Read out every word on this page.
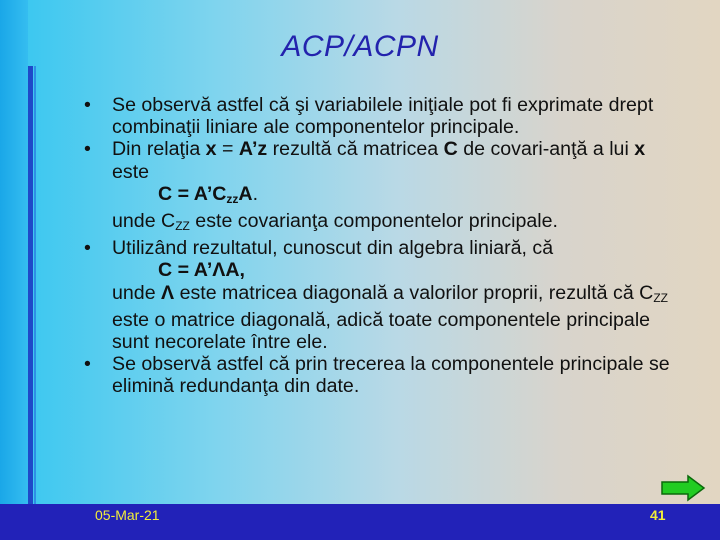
ACP/ACPN
• Se observă astfel că şi variabilele iniţiale pot fi exprimate drept combinaţii liniare ale componentelor principale.
• Din relaţia x = A’z rezultă că matricea C de covari-anţă a lui x este
$C = A’C_{zz}A$.
unde $C_{ZZ}$ este covarianţa componentelor principale.
• Utilizând rezultatul, cunoscut din algebra liniară, că
C = A’ΛA,
unde Λ este matricea diagonală a valorilor proprii, rezultă că $C_{ZZ}$ este o matrice diagonală, adică toate componentele principale sunt necorelate între ele.
• Se observă astfel că prin trecerea la componentele principale se elimină redundanţa din date.
05-Mar-21	41
